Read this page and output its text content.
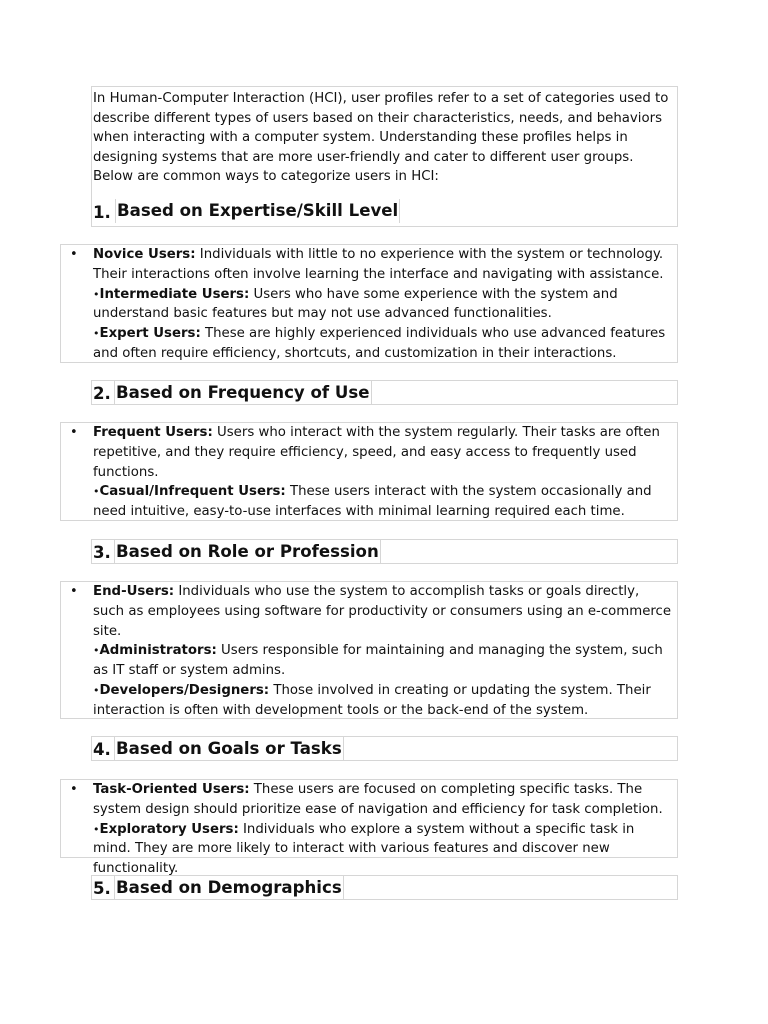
In Human-Computer Interaction (HCI), user profiles refer to a set of categories used to describe different types of users based on their characteristics, needs, and behaviors when interacting with a computer system. Understanding these profiles helps in designing systems that are more user-friendly and cater to different user groups. Below are common ways to categorize users in HCI:
1. Based on Expertise/Skill Level
• Novice Users: Individuals with little to no experience with the system or technology. Their interactions often involve learning the interface and navigating with assistance.
•Intermediate Users: Users who have some experience with the system and understand basic features but may not use advanced functionalities.
•Expert Users: These are highly experienced individuals who use advanced features and often require efficiency, shortcuts, and customization in their interactions.
2. Based on Frequency of Use
• Frequent Users: Users who interact with the system regularly. Their tasks are often repetitive, and they require efficiency, speed, and easy access to frequently used functions.
•Casual/Infrequent Users: These users interact with the system occasionally and need intuitive, easy-to-use interfaces with minimal learning required each time.
3. Based on Role or Profession
• End-Users: Individuals who use the system to accomplish tasks or goals directly, such as employees using software for productivity or consumers using an e-commerce site.
•Administrators: Users responsible for maintaining and managing the system, such as IT staff or system admins.
•Developers/Designers: Those involved in creating or updating the system. Their interaction is often with development tools or the back-end of the system.
4. Based on Goals or Tasks
• Task-Oriented Users: These users are focused on completing specific tasks. The system design should prioritize ease of navigation and efficiency for task completion.
•Exploratory Users: Individuals who explore a system without a specific task in mind. They are more likely to interact with various features and discover new functionality.
5. Based on Demographics
